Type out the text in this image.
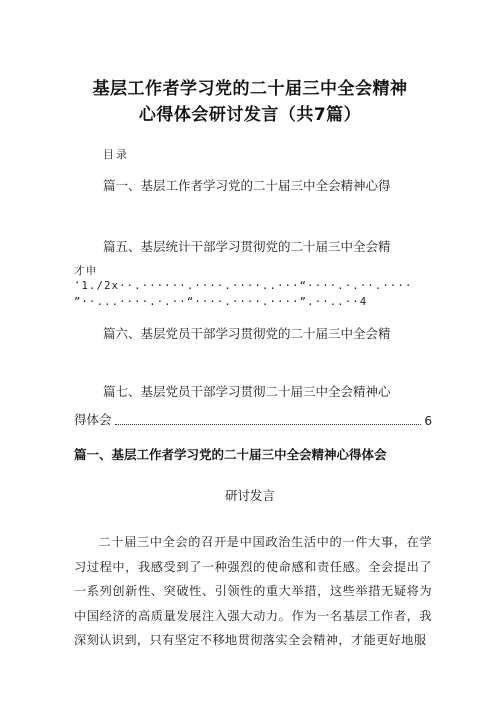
基层工作者学习党的二十届三中全会精神
心得体会研讨发言（共7篇）
目录
篇一、基层工作者学习党的二十届三中全会精神心得
篇五、基层统计干部学习贯彻党的二十届三中全会精
才申
'1./2x··.······.····.····..···“····.·.··.····
”··...····.·.··“····.····.····”.··..··4
篇六、基层党员干部学习贯彻党的二十届三中全会精
篇七、基层党员干部学习贯彻二十届三中全会精神心
得体会	6
篇一、基层工作者学习党的二十届三中全会精神心得体会
研讨发言

二十届三中全会的召开是中国政治生活中的一件大事，在学习过程中，我感受到了一种强烈的使命感和责任感。全会提出了一系列创新性、突破性、引领性的重大举措，这些举措无疑将为中国经济的高质量发展注入强大动力。作为一名基层工作者，我深刻认识到，只有坚定不移地贯彻落实全会精神，才能更好地服
